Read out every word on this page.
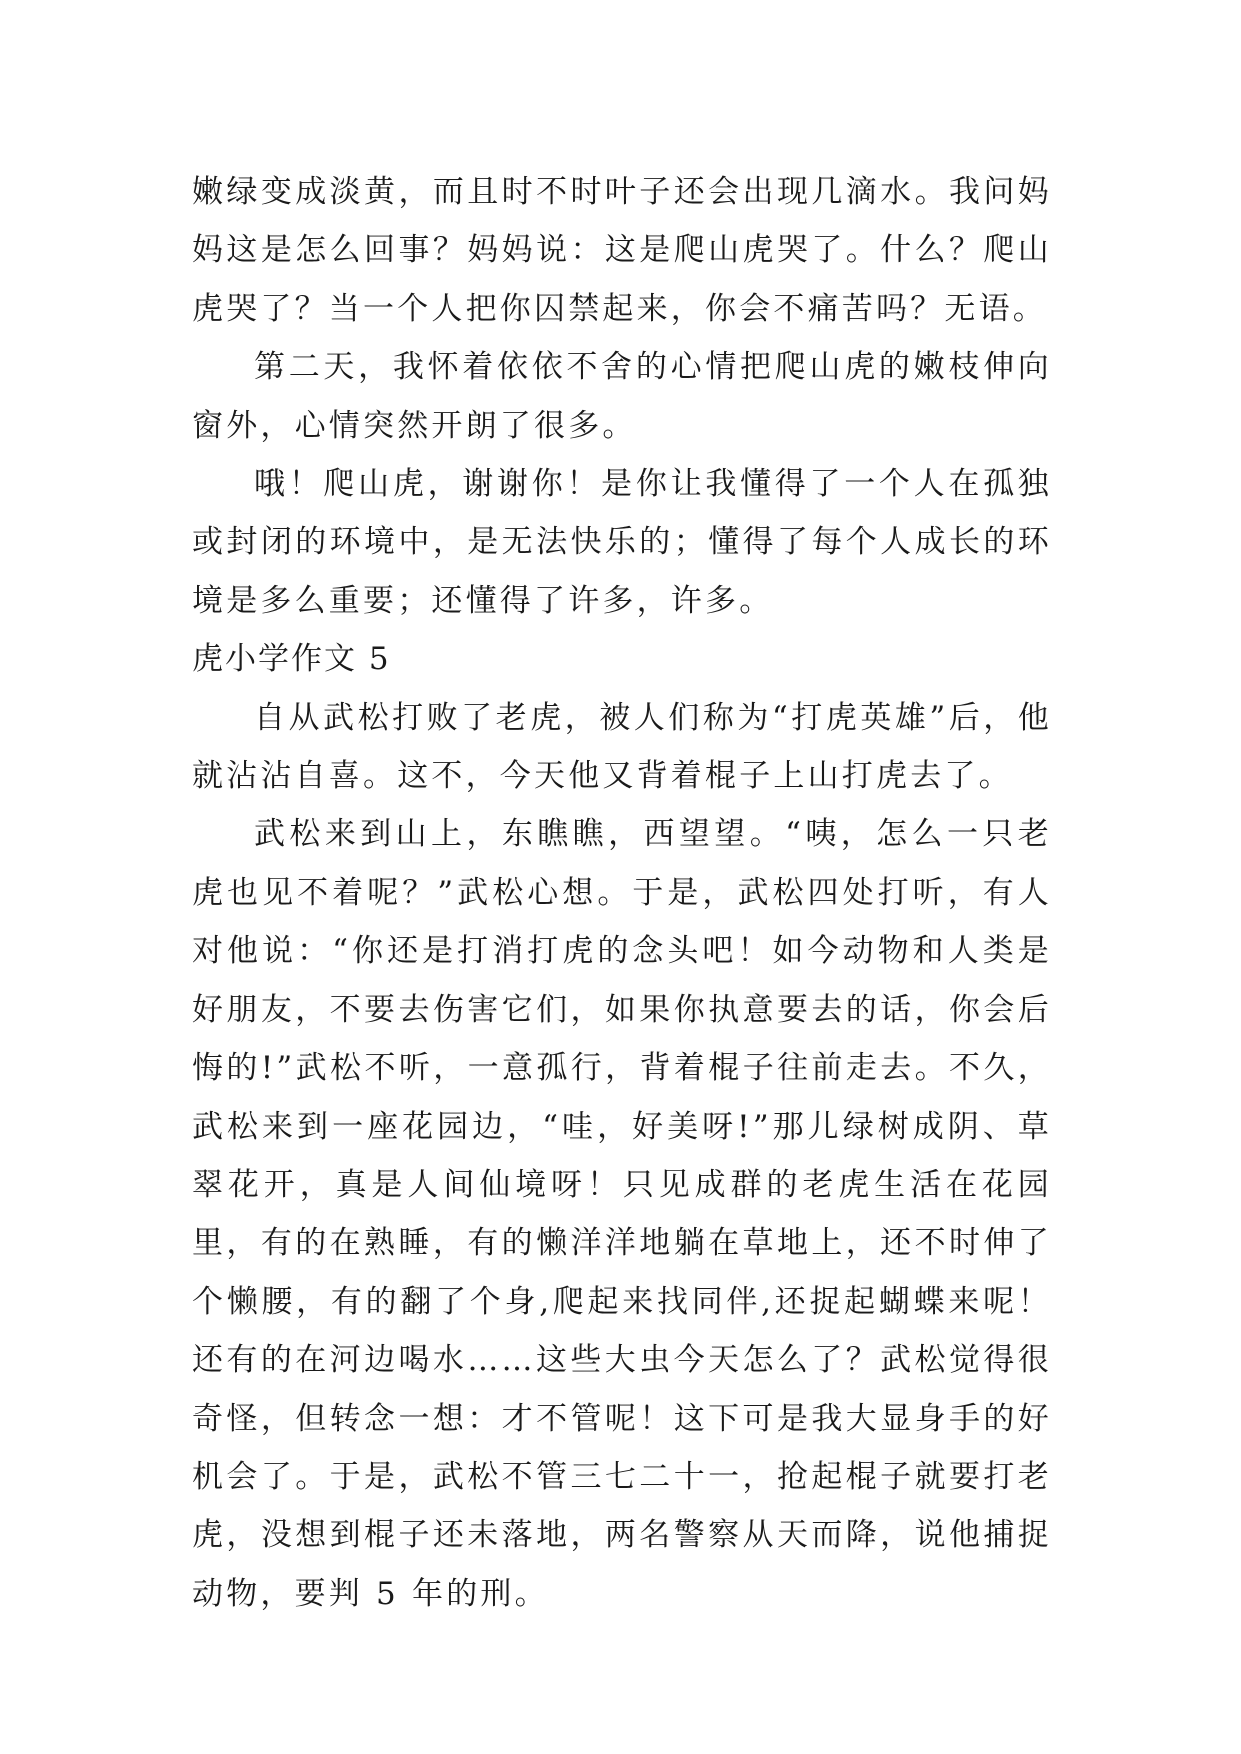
嫩绿变成淡黄，而且时不时叶子还会出现几滴水。我问妈妈这是怎么回事？妈妈说：这是爬山虎哭了。什么？爬山虎哭了？当一个人把你囚禁起来，你会不痛苦吗？无语。

第二天，我怀着依依不舍的心情把爬山虎的嫩枝伸向窗外，心情突然开朗了很多。

哦！爬山虎，谢谢你！是你让我懂得了一个人在孤独或封闭的环境中，是无法快乐的；懂得了每个人成长的环境是多么重要；还懂得了许多，许多。

虎小学作文 5

自从武松打败了老虎，被人们称为“打虎英雄”后，他就沾沾自喜。这不，今天他又背着棍子上山打虎去了。

武松来到山上，东瞧瞧，西望望。“咦，怎么一只老虎也见不着呢？”武松心想。于是，武松四处打听，有人对他说：“你还是打消打虎的念头吧！如今动物和人类是好朋友，不要去伤害它们，如果你执意要去的话，你会后悔的!”武松不听，一意孤行，背着棍子往前走去。不久，武松来到一座花园边，“哇，好美呀!”那儿绿树成阴、草翠花开，真是人间仙境呀！只见成群的老虎生活在花园里，有的在熟睡，有的懒洋洋地躺在草地上，还不时伸了个懒腰，有的翻了个身,爬起来找同伴,还捉起蝴蝶来呢！还有的在河边喝水……这些大虫今天怎么了？武松觉得很奇怪，但转念一想：才不管呢！这下可是我大显身手的好机会了。于是，武松不管三七二十一，抢起棍子就要打老虎，没想到棍子还未落地，两名警察从天而降，说他捕捉动物，要判 5 年的刑。
